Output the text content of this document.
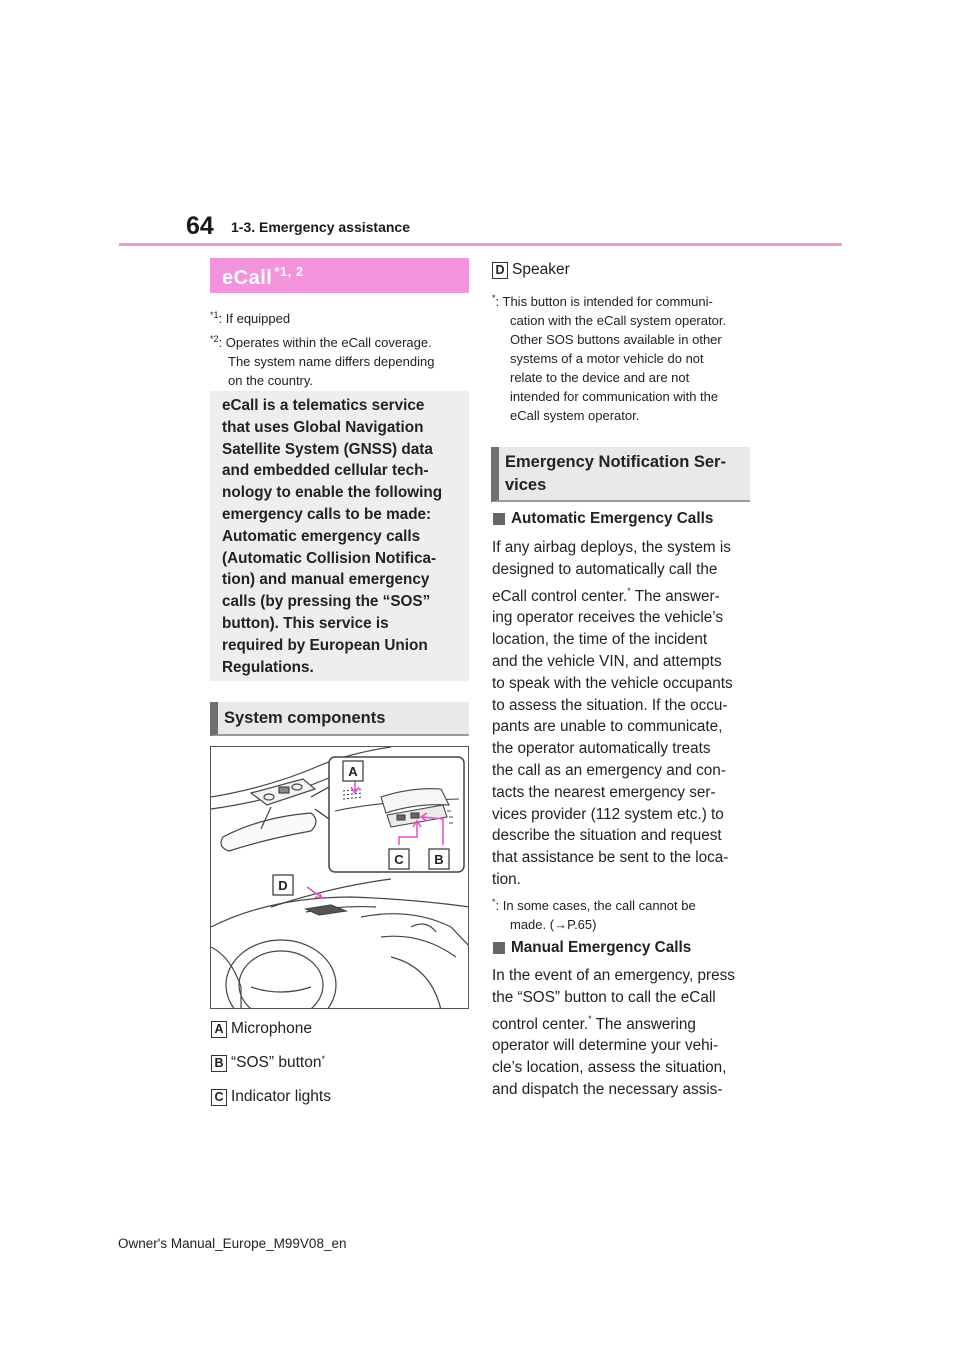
64 1-3. Emergency assistance
eCall $^{*1, 2}$
$^{*1}$: If equipped
$^{*2}$: Operates within the eCall coverage.
The system name differs depending
on the country.
eCall is a telematics service
that uses Global Navigation
Satellite System (GNSS) data
and embedded cellular tech-
nology to enable the following
emergency calls to be made:
Automatic emergency calls
(Automatic Collision Notifica-
tion) and manual emergency
calls (by pressing the “SOS”
button). This service is
required by European Union
Regulations.
System components
A
C B
D
A Microphone
B “SOS” button*
C Indicator lights
D Speaker
*: This button is intended for communi-
cation with the eCall system operator.
Other SOS buttons available in other
systems of a motor vehicle do not
relate to the device and are not
intended for communication with the
eCall system operator.
Emergency Notification Ser-
vices
Automatic Emergency Calls
If any airbag deploys, the system is
designed to automatically call the
eCall control center.* The answer-
ing operator receives the vehicle’s
location, the time of the incident
and the vehicle VIN, and attempts
to speak with the vehicle occupants
to assess the situation. If the occu-
pants are unable to communicate,
the operator automatically treats
the call as an emergency and con-
tacts the nearest emergency ser-
vices provider (112 system etc.) to
describe the situation and request
that assistance be sent to the loca-
tion.
*: In some cases, the call cannot be
made. (→P.65)
Manual Emergency Calls
In the event of an emergency, press
the “SOS” button to call the eCall
control center.* The answering
operator will determine your vehi-
cle’s location, assess the situation,
and dispatch the necessary assis-
Owner's Manual_Europe_M99V08_en
